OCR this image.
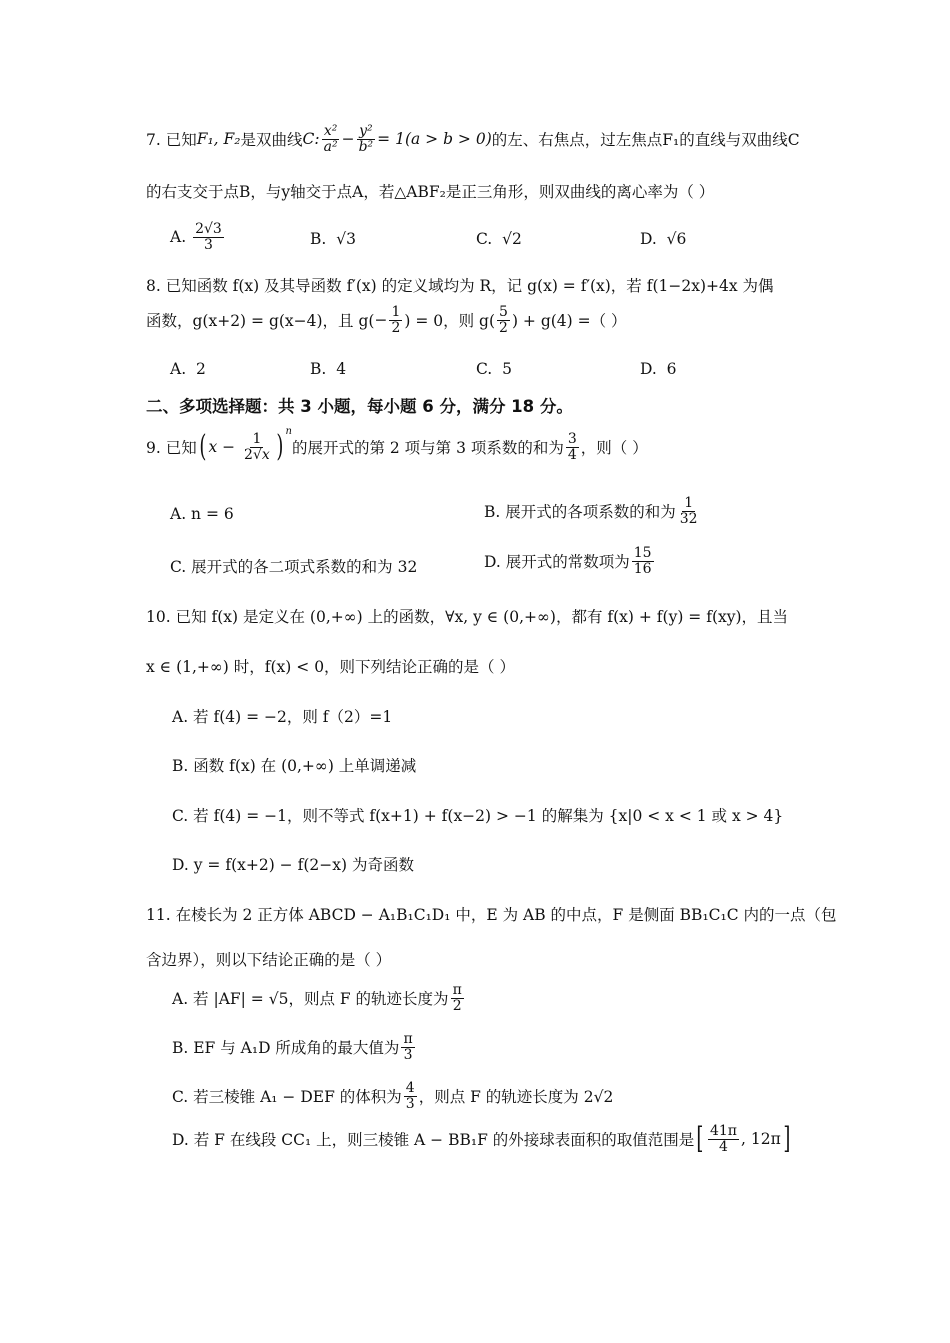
7. 已知 F₁, F₂ 是双曲线 C: $\frac{\text{x²}}{\text{a²}} - \frac{\text{y²}}{\text{b²}} = 1(a > b > 0)$ 的左、右焦点，过左焦点F₁的直线与双曲线C
的右支交于点B，与y轴交于点A，若△ABF₂是正三角形，则双曲线的离心率为（ ）
A.
$\frac{2√3}{3}$	B.
√3	C.
√2	D.
√6
8. 已知函数 f(x) 及其导函数 f′(x) 的定义域均为 R，记 g(x) = f′(x)，若 f(1−2x)+4x 为偶
函数，g(x+2) = g(x−4)，且 $g( - \frac{1}{2}$ ) = 0，则 $g( \frac{5}{2}$ ) + g(4) =（ ）
A.
2	B.
4	C.
5	D.
6
二、多项选择题：共 3 小题，每小题 6 分，满分 18 分。
9. 已知 ( $x - \frac{1}{2√x} )^n$
的展开式的第 2 项与第 3 项系数的和为 $\frac{3}{4}$ ，则（ ）
A. n = 6	B. 展开式的各项系数的和为 $\frac{1}{32}$
C. 展开式的各二项式系数的和为 32	D. 展开式的常数项为 $\frac{15}{16}$
10. 已知 f(x) 是定义在 (0,+∞) 上的函数，∀x, y ∈ (0,+∞)，都有 f(x) + f(y) = f(xy)，且当
x ∈ (1,+∞) 时，f(x) < 0，则下列结论正确的是（ ）
A. 若 f(4) = −2，则 f（2）=1
B. 函数 f(x) 在 (0,+∞) 上单调递减
C. 若 f(4) = −1，则不等式 f(x+1) + f(x−2) > −1 的解集为 {x|0 < x < 1 或 x > 4}
D. y = f(x+2) − f(2−x) 为奇函数
11. 在棱长为 2 正方体 ABCD − A₁B₁C₁D₁ 中，E 为 AB 的中点，F 是侧面 BB₁C₁C 内的一点（包
含边界），则以下结论正确的是（ ）
A. 若 |AF| = √5，则点 F 的轨迹长度为 $\frac{\pi}{2}$
B. EF 与 A₁D 所成角的最大值为 $\frac{\pi}{3}$
C. 若三棱锥 A₁ − DEF 的体积为 $\frac{4}{3}$ ，则点 F 的轨迹长度为 2√2
D. 若 F 在线段 CC₁ 上，则三棱锥 A − BB₁F 的外接球表面积的取值范围是 [ $\frac{41\pi}{4}$ , 12π ]
